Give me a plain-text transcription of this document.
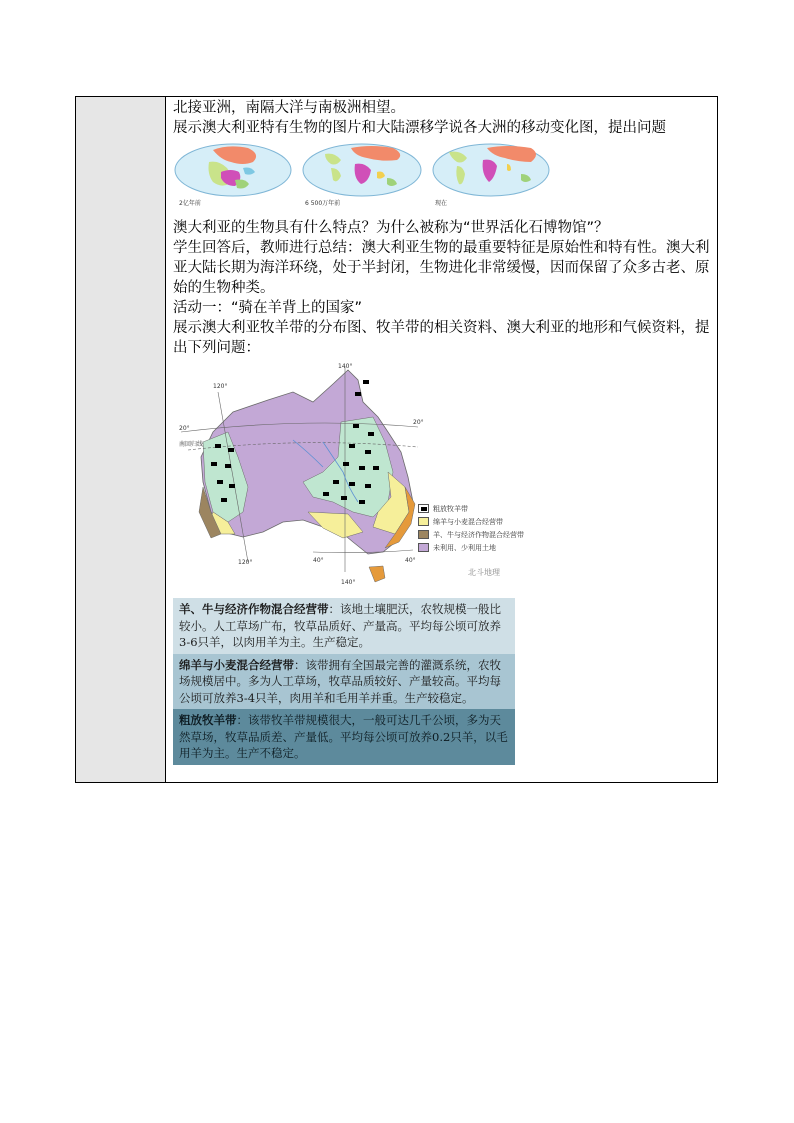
北接亚洲，南隔大洋与南极洲相望。
展示澳大利亚特有生物的图片和大陆漂移学说各大洲的移动变化图，提出问题
2亿年前	6 500万年前	现在
澳大利亚的生物具有什么特点？为什么被称为“世界活化石博物馆”？
学生回答后，教师进行总结：澳大利亚生物的最重要特征是原始性和特有性。澳大利亚大陆长期为海洋环绕，处于半封闭，生物进化非常缓慢，因而保留了众多古老、原始的生物种类。
活动一：“骑在羊背上的国家”
展示澳大利亚牧羊带的分布图、牧羊带的相关资料、澳大利亚的地形和气候资料，提出下列问题：
120°
140°
120°
140°
20°
20°
40°	40°
南回归线
粗放牧羊带
绵羊与小麦混合经营带
羊、牛与经济作物混合经营带
未利用、少利用土地
北斗地理
羊、牛与经济作物混合经营带：该地土壤肥沃，农牧规模一般比较小。人工草场广布，牧草品质好、产量高。平均每公顷可放养3-6只羊，以肉用羊为主。生产稳定。
绵羊与小麦混合经营带：该带拥有全国最完善的灌溉系统，农牧场规模居中。多为人工草场，牧草品质较好、产量较高。平均每公顷可放养3-4只羊，肉用羊和毛用羊并重。生产较稳定。
粗放牧羊带：该带牧羊带规模很大，一般可达几千公顷，多为天然草场，牧草品质差、产量低。平均每公顷可放养0.2只羊，以毛用羊为主。生产不稳定。
